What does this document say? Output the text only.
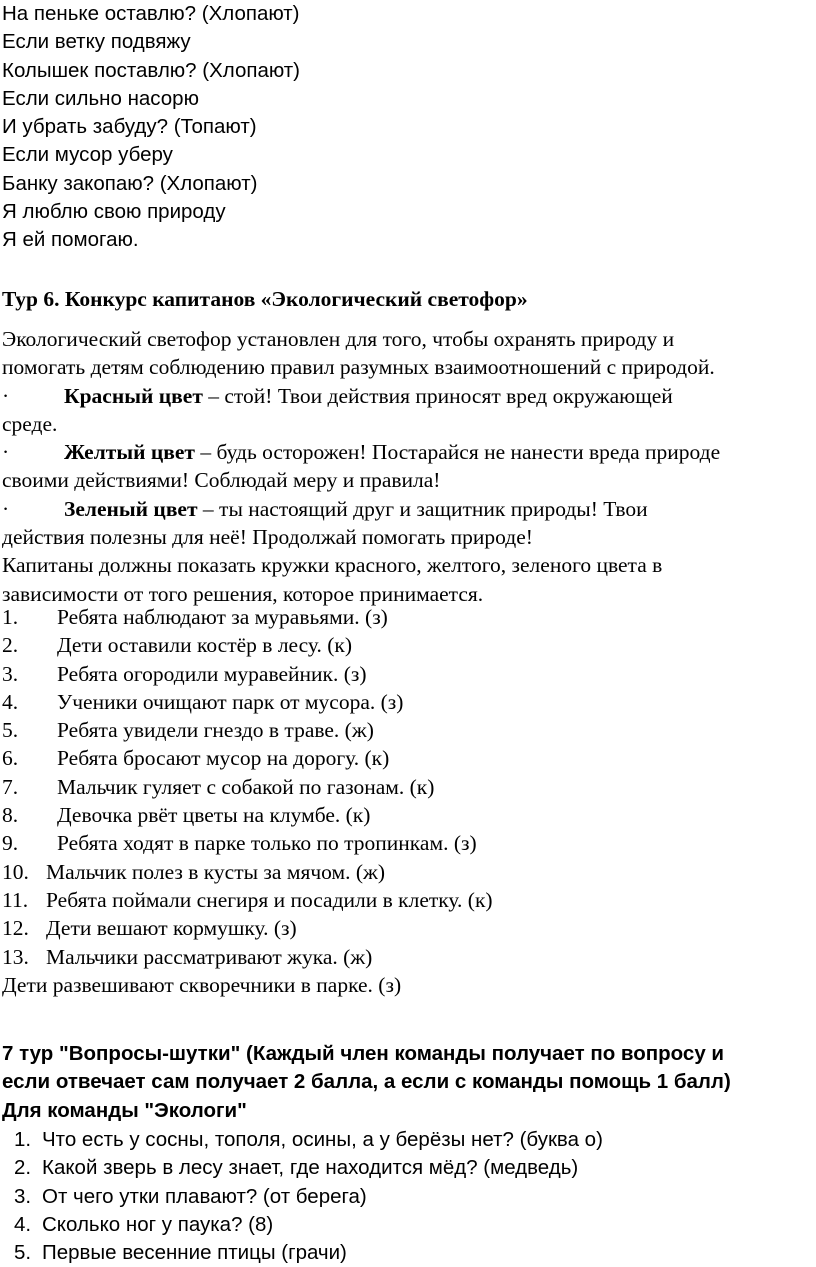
На пеньке оставлю? (Хлопают)
Если ветку подвяжу
Колышек поставлю? (Хлопают)
Если сильно насорю
И убрать забуду? (Топают)
Если мусор уберу
Банку закопаю? (Хлопают)
Я люблю свою природу
Я ей помогаю.
Тур 6. Конкурс капитанов «Экологический светофор»
Экологический светофор установлен для того, чтобы охранять природу и
помогать детям соблюдению правил разумных взаимоотношений с природой.
·	Красный цвет – стой! Твои действия приносят вред окружающей
среде.
·	Желтый цвет – будь осторожен! Постарайся не нанести вреда природе
своими действиями! Соблюдай меру и правила!
·	Зеленый цвет – ты настоящий друг и защитник природы! Твои
действия полезны для неё! Продолжай помогать природе!
Капитаны должны показать кружки красного, желтого, зеленого цвета в
зависимости от того решения, которое принимается.
1. Ребята наблюдают за муравьями. (з)
2. Дети оставили костёр в лесу. (к)
3. Ребята огородили муравейник. (з)
4. Ученики очищают парк от мусора. (з)
5. Ребята увидели гнездо в траве. (ж)
6. Ребята бросают мусор на дорогу. (к)
7. Мальчик гуляет с собакой по газонам. (к)
8. Девочка рвёт цветы на клумбе. (к)
9. Ребята ходят в парке только по тропинкам. (з)
10. Мальчик полез в кусты за мячом. (ж)
11. Ребята поймали снегиря и посадили в клетку. (к)
12. Дети вешают кормушку. (з)
13. Мальчики рассматривают жука. (ж)
Дети развешивают скворечники в парке. (з)
7 тур "Вопросы-шутки" (Каждый член команды получает по вопросу и
если отвечает сам получает 2 балла, а если с команды помощь 1 балл)
Для команды "Экологи"
1. Что есть у сосны, тополя, осины, а у берёзы нет? (буква о)
2. Какой зверь в лесу знает, где находится мёд? (медведь)
3. От чего утки плавают? (от берега)
4. Сколько ног у паука? (8)
5. Первые весенние птицы (грачи)
